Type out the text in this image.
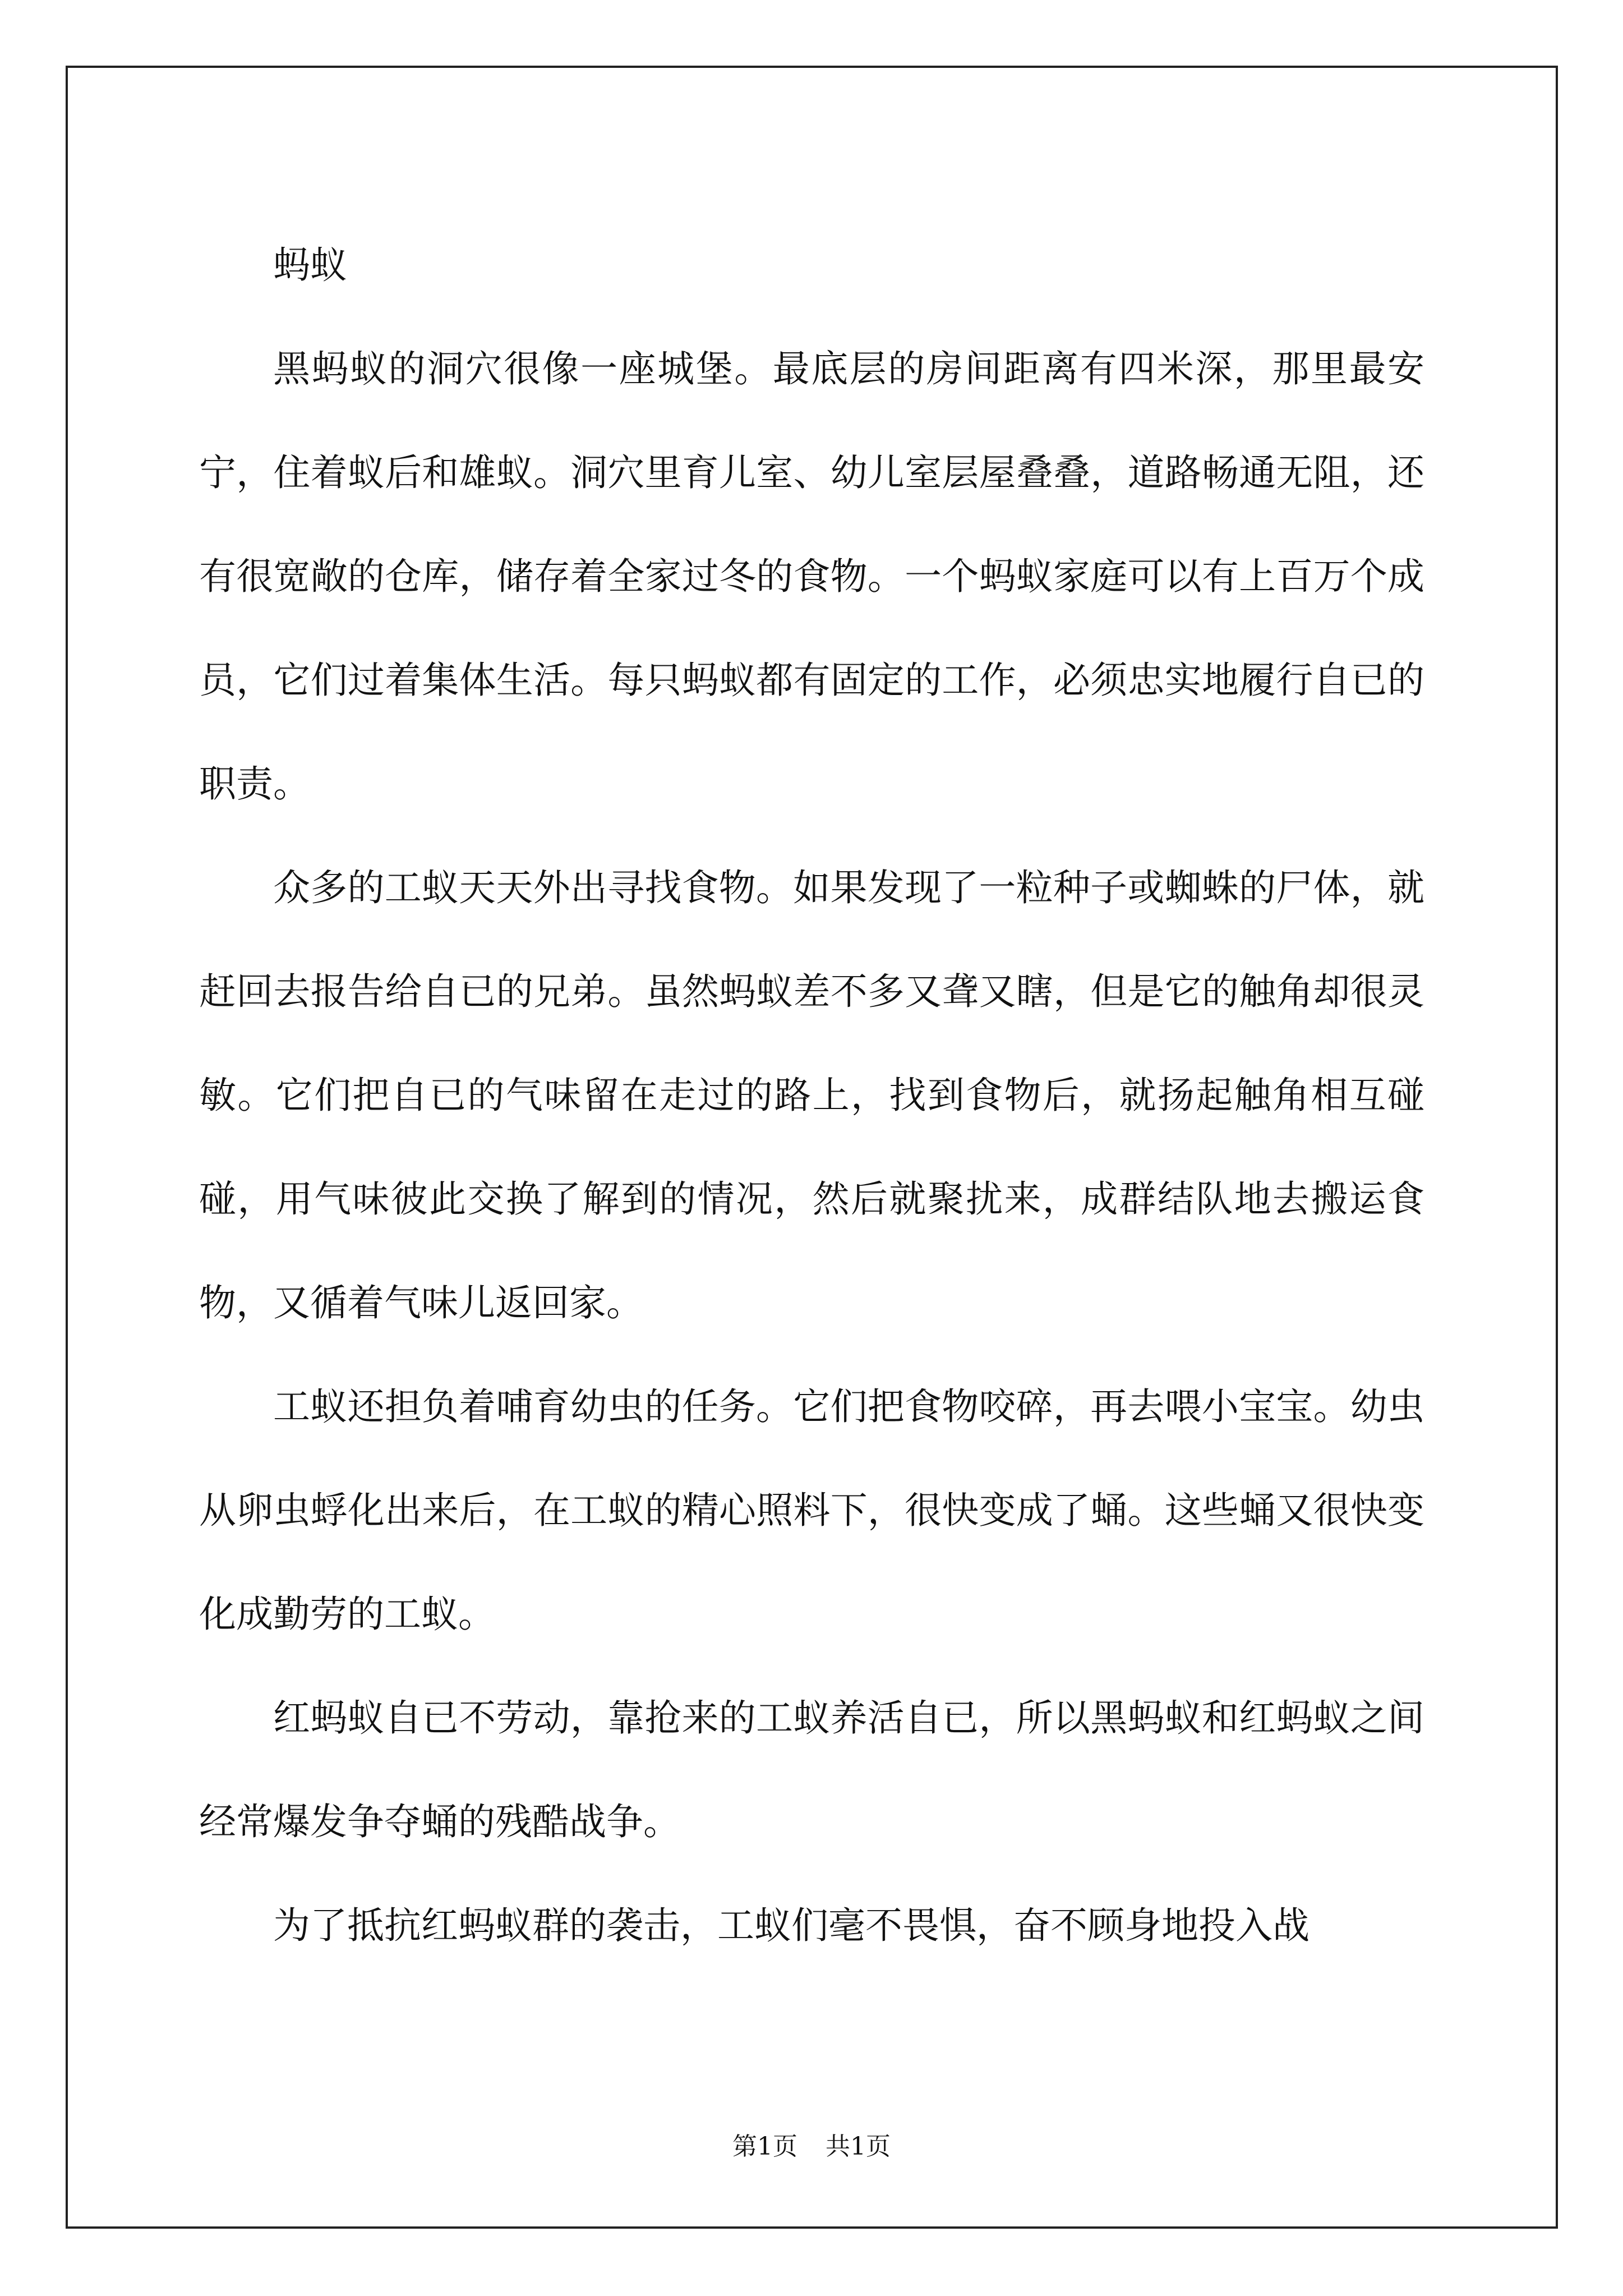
蚂蚁

黑蚂蚁的洞穴很像一座城堡。最底层的房间距离有四米深，那里最安宁，住着蚁后和雄蚁。洞穴里育儿室、幼儿室层屋叠叠，道路畅通无阻，还有很宽敞的仓库，储存着全家过冬的食物。一个蚂蚁家庭可以有上百万个成员，它们过着集体生活。每只蚂蚁都有固定的工作，必须忠实地履行自已的职责。

众多的工蚁天天外出寻找食物。如果发现了一粒种子或蜘蛛的尸体，就赶回去报告给自已的兄弟。虽然蚂蚁差不多又聋又瞎，但是它的触角却很灵敏。它们把自已的气味留在走过的路上，找到食物后，就扬起触角相互碰碰，用气味彼此交换了解到的情况，然后就聚扰来，成群结队地去搬运食物，又循着气味儿返回家。

工蚁还担负着哺育幼虫的任务。它们把食物咬碎，再去喂小宝宝。幼虫从卵虫蜉化出来后，在工蚁的精心照料下，很快变成了蛹。这些蛹又很快变化成勤劳的工蚁。

红蚂蚁自已不劳动，靠抢来的工蚁养活自已，所以黑蚂蚁和红蚂蚁之间经常爆发争夺蛹的残酷战争。

为了抵抗红蚂蚁群的袭击，工蚁们毫不畏惧，奋不顾身地投入战

第1页 共1页
